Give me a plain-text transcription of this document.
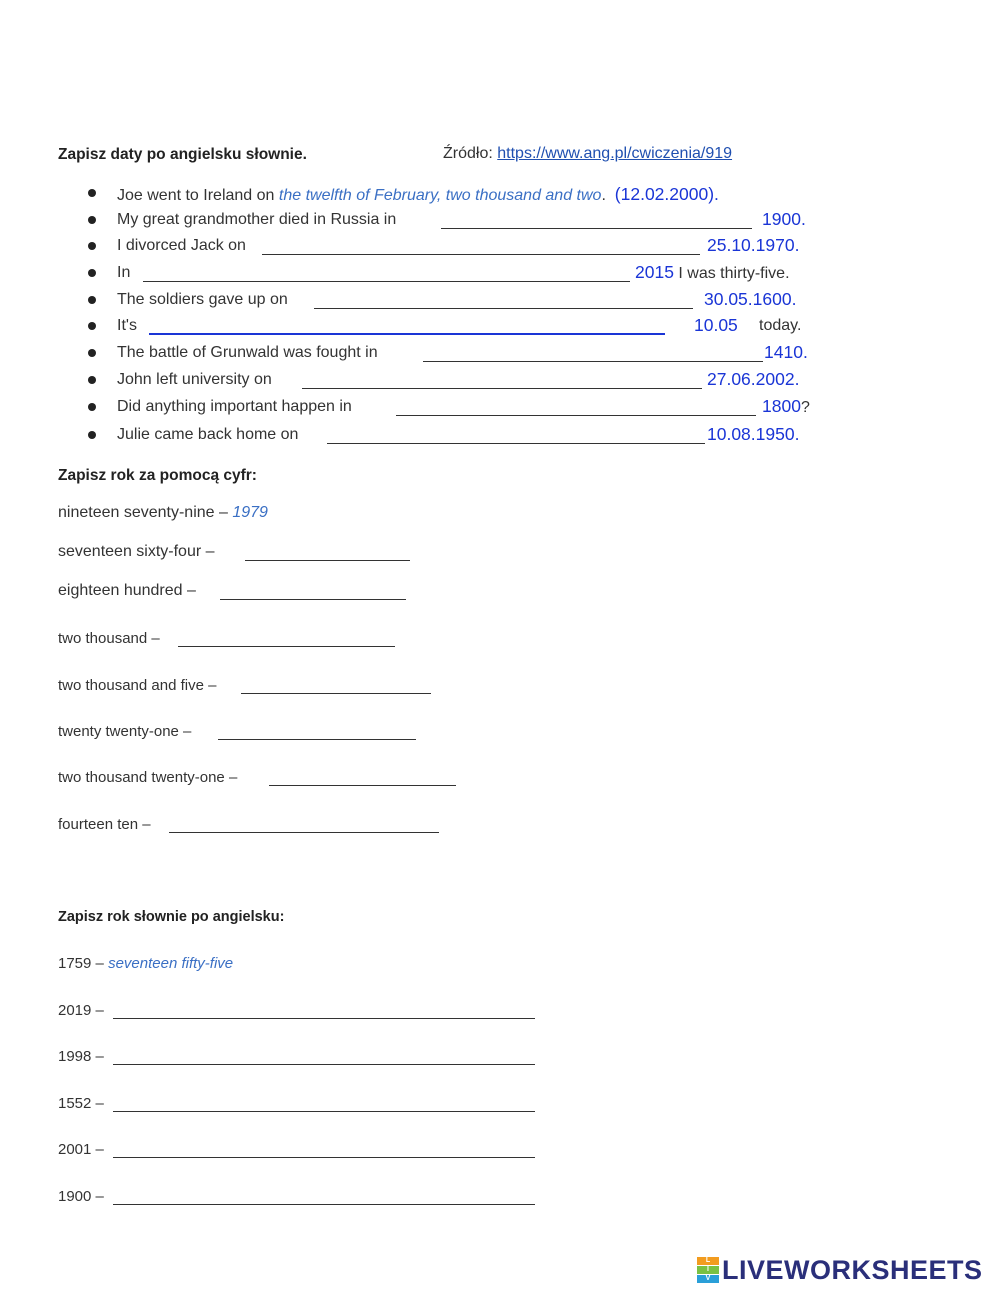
Zapisz daty po angielsku słownie.	Źródło: https://www.ang.pl/cwiczenia/919
Joe went to Ireland on the twelfth of February, two thousand and two. (12.02.2000).
My great grandmother died in Russia in	1900.
I divorced Jack on	25.10.1970.
In	2015 I was thirty-five.
The soldiers gave up on	30.05.1600.
It's	10.05 today.
The battle of Grunwald was fought in	1410.
John left university on	27.06.2002.
Did anything important happen in	1800?
Julie came back home on	10.08.1950.
Zapisz rok za pomocą cyfr:
nineteen seventy-nine – 1979
seventeen sixty-four –
eighteen hundred –
two thousand –
two thousand and five –
twenty twenty-one –
two thousand twenty-one –
fourteen ten –
Zapisz rok słownie po angielsku:
1759 – seventeen fifty-five
2019 –
1998 –
1552 –
2001 –
1900 –
L
I
V LIVEWORKSHEETS
